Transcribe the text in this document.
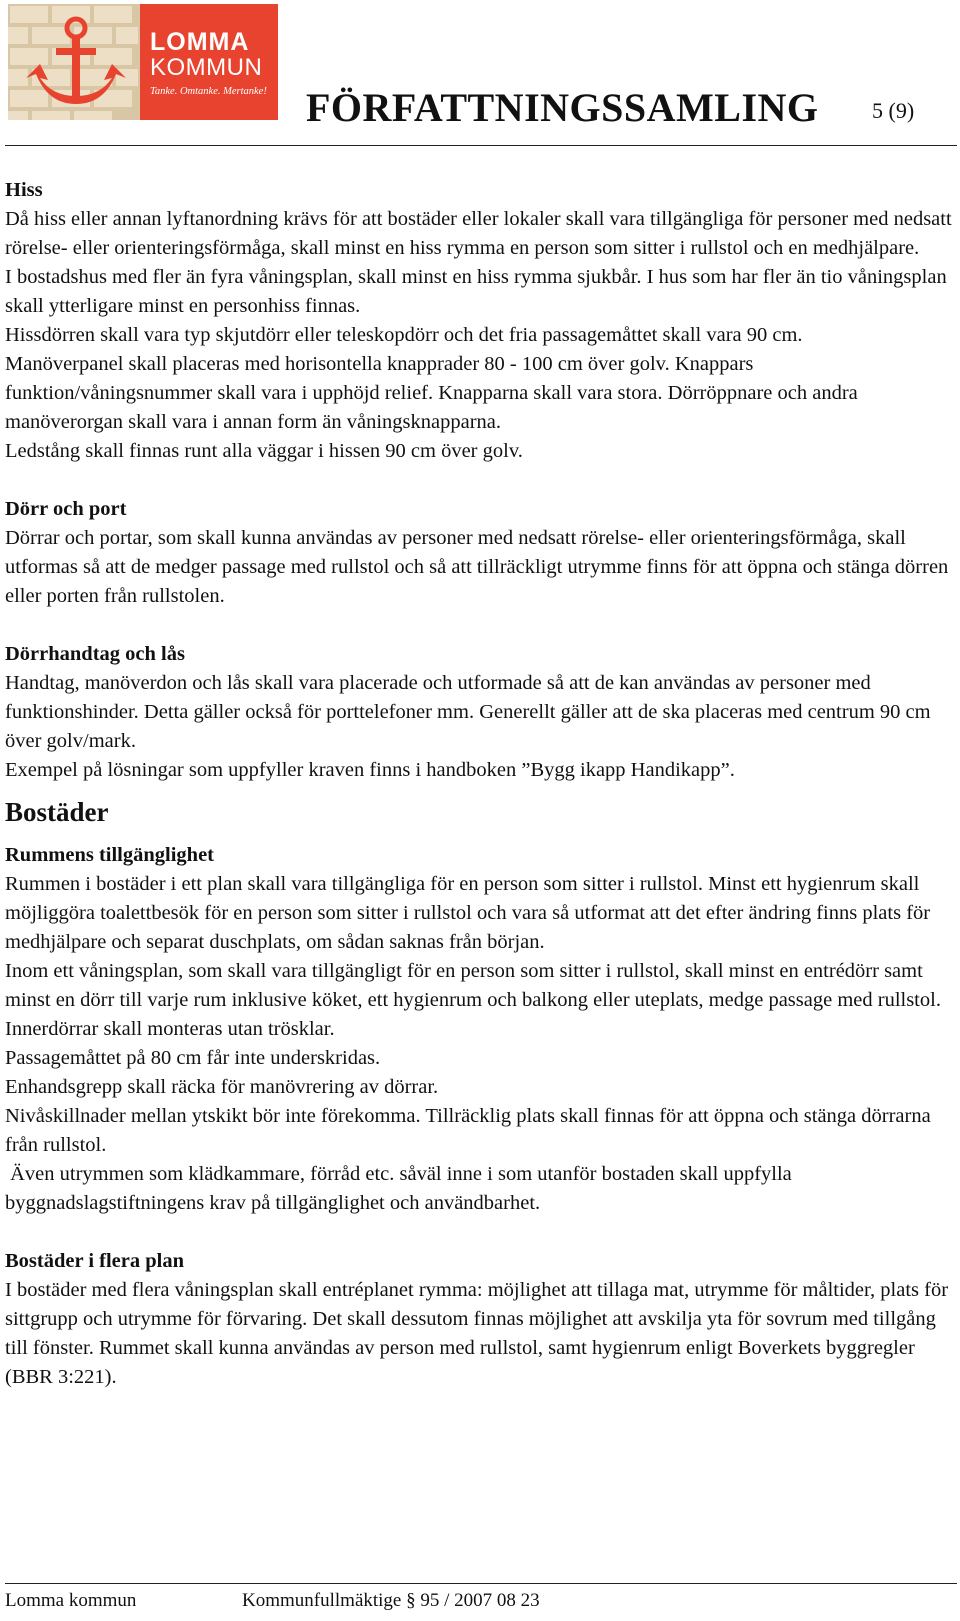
LOMMA
KOMMUN
Tanke. Omtanke. Mertanke! FÖRFATTNINGSSAMLING 5 (9)
Hiss

Då hiss eller annan lyftanordning krävs för att bostäder eller lokaler skall vara tillgängliga för personer med nedsatt rörelse- eller orienteringsförmåga, skall minst en hiss rymma en person som sitter i rullstol och en medhjälpare.

I bostadshus med fler än fyra våningsplan, skall minst en hiss rymma sjukbår. I hus som har fler än tio våningsplan skall ytterligare minst en personhiss finnas.

Hissdörren skall vara typ skjutdörr eller teleskopdörr och det fria passagemåttet skall vara 90 cm.

Manöverpanel skall placeras med horisontella knapprader 80 - 100 cm över golv. Knappars funktion/våningsnummer skall vara i upphöjd relief. Knapparna skall vara stora. Dörröppnare och andra manöverorgan skall vara i annan form än våningsknapparna.

Ledstång skall finnas runt alla väggar i hissen 90 cm över golv.

Dörr och port

Dörrar och portar, som skall kunna användas av personer med nedsatt rörelse- eller orienteringsförmåga, skall utformas så att de medger passage med rullstol och så att tillräckligt utrymme finns för att öppna och stänga dörren eller porten från rullstolen.

Dörrhandtag och lås

Handtag, manöverdon och lås skall vara placerade och utformade så att de kan användas av personer med funktionshinder. Detta gäller också för porttelefoner mm. Generellt gäller att de ska placeras med centrum 90 cm över golv/mark.

Exempel på lösningar som uppfyller kraven finns i handboken ”Bygg ikapp Handikapp”.

Bostäder
Rummens tillgänglighet

Rummen i bostäder i ett plan skall vara tillgängliga för en person som sitter i rullstol. Minst ett hygienrum skall möjliggöra toalettbesök för en person som sitter i rullstol och vara så utformat att det efter ändring finns plats för medhjälpare och separat duschplats, om sådan saknas från början.

Inom ett våningsplan, som skall vara tillgängligt för en person som sitter i rullstol, skall minst en entrédörr samt minst en dörr till varje rum inklusive köket, ett hygienrum och balkong eller uteplats, medge passage med rullstol. Innerdörrar skall monteras utan trösklar.

Passagemåttet på 80 cm får inte underskridas.

Enhandsgrepp skall räcka för manövrering av dörrar.

Nivåskillnader mellan ytskikt bör inte förekomma. Tillräcklig plats skall finnas för att öppna och stänga dörrarna från rullstol.

Även utrymmen som klädkammare, förråd etc. såväl inne i som utanför bostaden skall uppfylla byggnadslagstiftningens krav på tillgänglighet och användbarhet.

Bostäder i flera plan

I bostäder med flera våningsplan skall entréplanet rymma: möjlighet att tillaga mat, utrymme för måltider, plats för sittgrupp och utrymme för förvaring. Det skall dessutom finnas möjlighet att avskilja yta för sovrum med tillgång till fönster. Rummet skall kunna användas av person med rullstol, samt hygienrum enligt Boverkets byggregler (BBR 3:221).

Lomma kommun	Kommunfullmäktige § 95 / 2007 08 23
